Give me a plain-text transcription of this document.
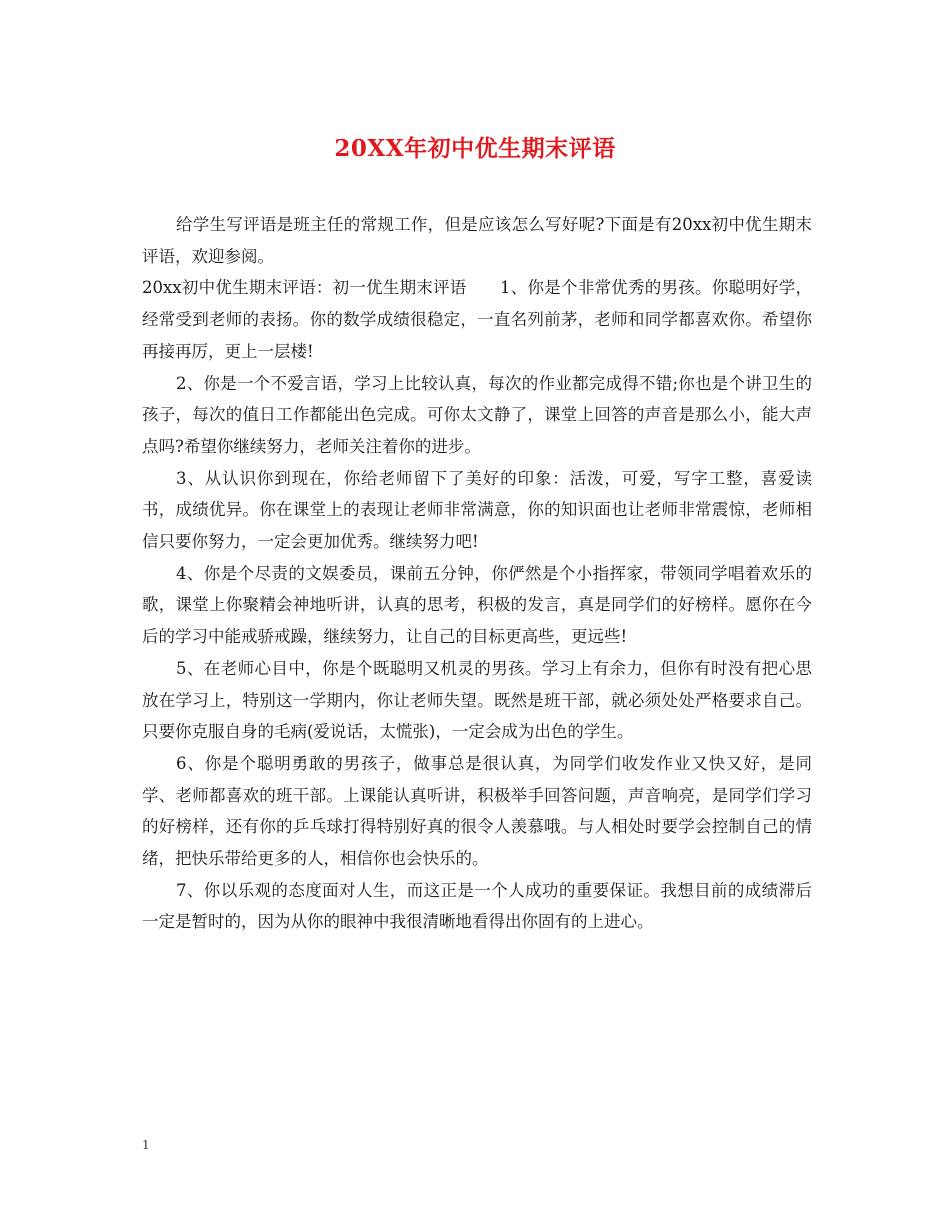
20XX年初中优生期末评语

给学生写评语是班主任的常规工作，但是应该怎么写好呢?下面是有20xx初中优生期末评语，欢迎参阅。

20xx初中优生期末评语：初一优生期末评语　　1、你是个非常优秀的男孩。你聪明好学，经常受到老师的表扬。你的数学成绩很稳定，一直名列前茅，老师和同学都喜欢你。希望你再接再厉，更上一层楼!

2、你是一个不爱言语，学习上比较认真，每次的作业都完成得不错;你也是个讲卫生的孩子，每次的值日工作都能出色完成。可你太文静了，课堂上回答的声音是那么小，能大声点吗?希望你继续努力，老师关注着你的进步。

3、从认识你到现在，你给老师留下了美好的印象：活泼，可爱，写字工整，喜爱读书，成绩优异。你在课堂上的表现让老师非常满意，你的知识面也让老师非常震惊，老师相信只要你努力，一定会更加优秀。继续努力吧!

4、你是个尽责的文娱委员，课前五分钟，你俨然是个小指挥家，带领同学唱着欢乐的歌，课堂上你聚精会神地听讲，认真的思考，积极的发言，真是同学们的好榜样。愿你在今后的学习中能戒骄戒躁，继续努力，让自己的目标更高些，更远些!

5、在老师心目中，你是个既聪明又机灵的男孩。学习上有余力，但你有时没有把心思放在学习上，特别这一学期内，你让老师失望。既然是班干部，就必须处处严格要求自己。只要你克服自身的毛病(爱说话，太慌张)，一定会成为出色的学生。

6、你是个聪明勇敢的男孩子，做事总是很认真，为同学们收发作业又快又好，是同学、老师都喜欢的班干部。上课能认真听讲，积极举手回答问题，声音响亮，是同学们学习的好榜样，还有你的乒乓球打得特别好真的很令人羡慕哦。与人相处时要学会控制自己的情绪，把快乐带给更多的人，相信你也会快乐的。

7、你以乐观的态度面对人生，而这正是一个人成功的重要保证。我想目前的成绩滞后一定是暂时的，因为从你的眼神中我很清晰地看得出你固有的上进心。

1
